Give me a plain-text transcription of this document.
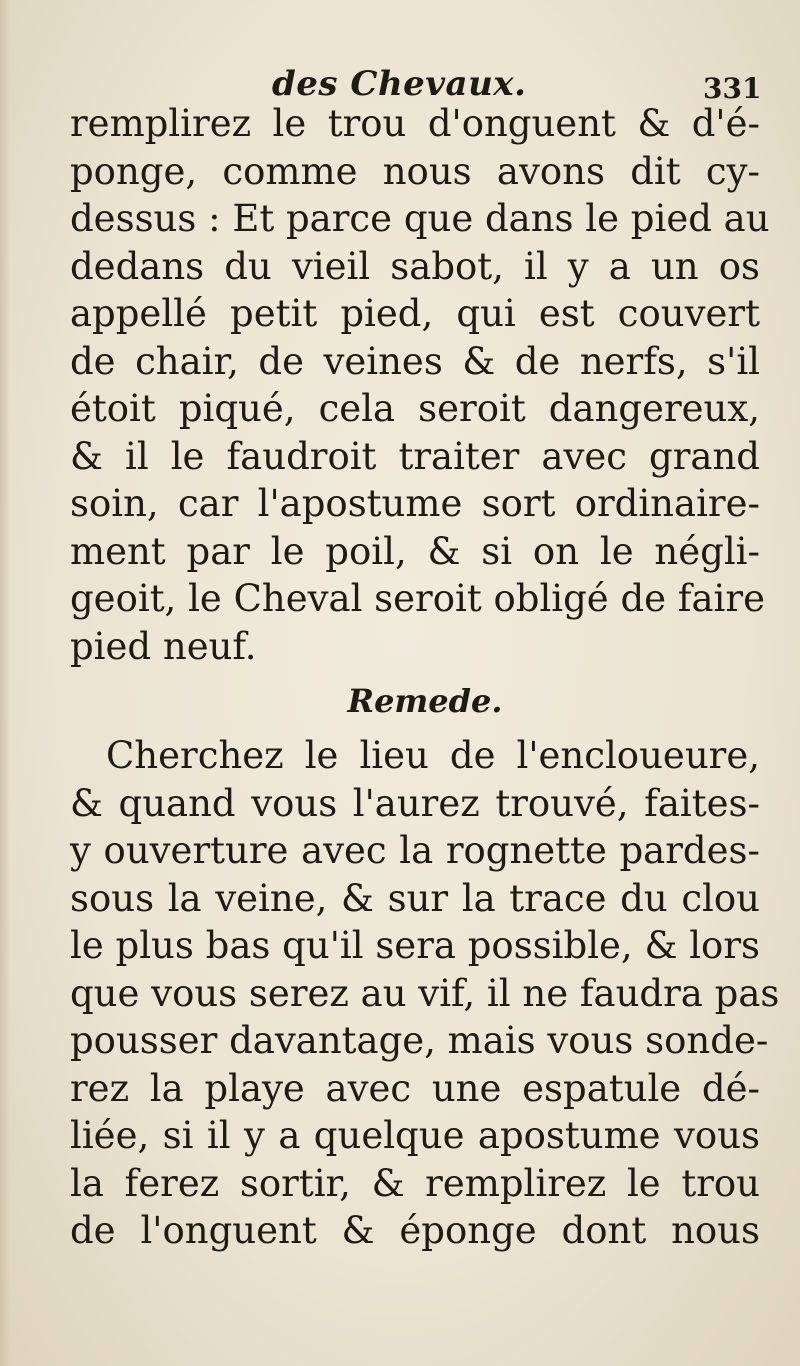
des Chevaux.	331
remplirez le trou d'onguent & d'é-
ponge, comme nous avons dit cy-
dessus : Et parce que dans le pied au
dedans du vieil sabot, il y a un os
appellé petit pied, qui est couvert
de chair, de veines & de nerfs, s'il
étoit piqué, cela seroit dangereux,
& il le faudroit traiter avec grand
soin, car l'apostume sort ordinaire-
ment par le poil, & si on le négli-
geoit, le Cheval seroit obligé de faire
pied neuf.
Remede.
Cherchez le lieu de l'encloueure,
& quand vous l'aurez trouvé, faites-
y ouverture avec la rognette pardes-
sous la veine, & sur la trace du clou
le plus bas qu'il sera possible, & lors
que vous serez au vif, il ne faudra pas
pousser davantage, mais vous sonde-
rez la playe avec une espatule dé-
liée, si il y a quelque apostume vous
la ferez sortir, & remplirez le trou
de l'onguent & éponge dont nous
